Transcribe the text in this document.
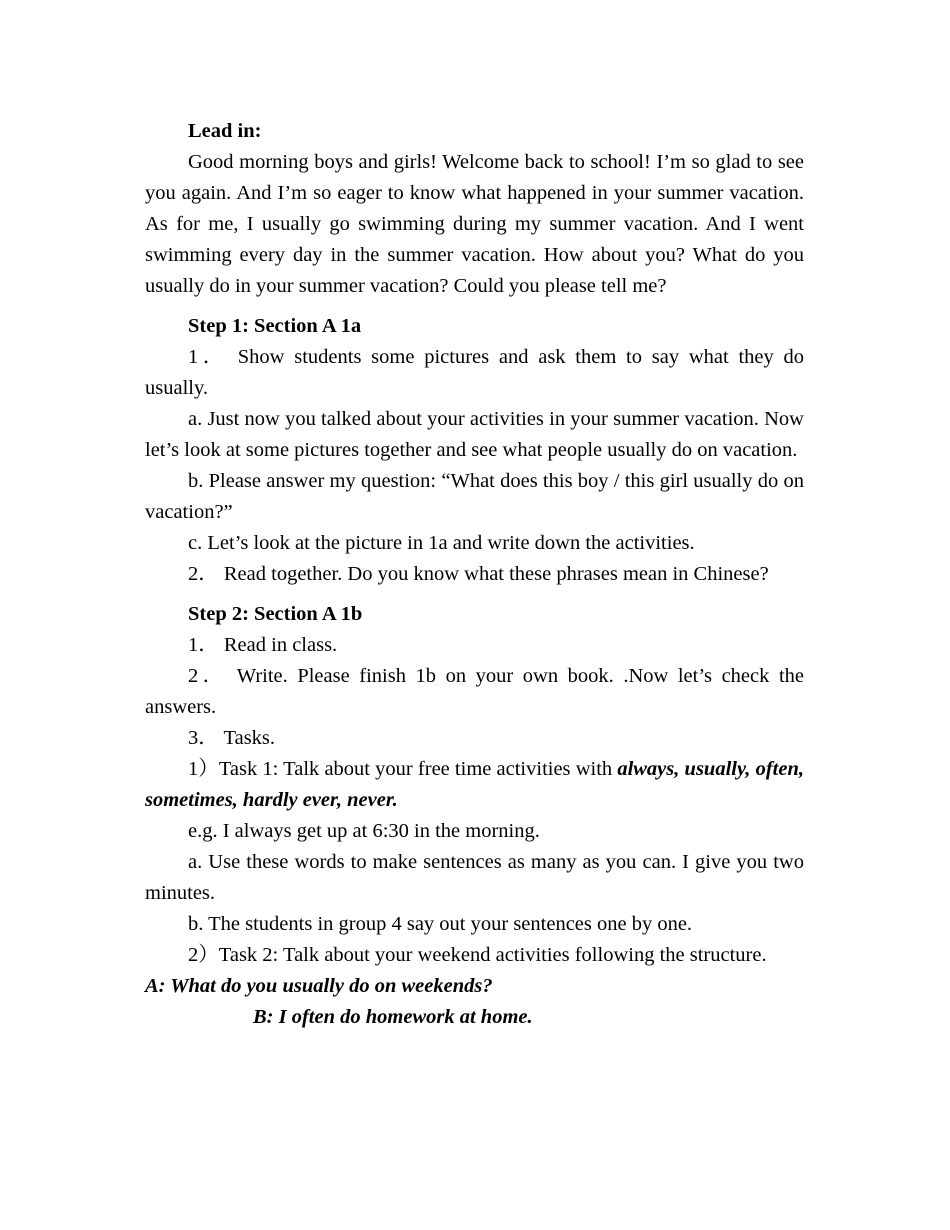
Lead in:

Good morning boys and girls! Welcome back to school! I’m so glad to see you again. And I’m so eager to know what happened in your summer vacation. As for me, I usually go swimming during my summer vacation. And I went swimming every day in the summer vacation. How about you? What do you usually do in your summer vacation? Could you please tell me?

Step 1: Section A 1a

1． Show students some pictures and ask them to say what they do usually.

a. Just now you talked about your activities in your summer vacation. Now let’s look at some pictures together and see what people usually do on vacation.

b. Please answer my question: “What does this boy / this girl usually do on vacation?”

c. Let’s look at the picture in 1a and write down the activities.

2． Read together. Do you know what these phrases mean in Chinese?

Step 2: Section A 1b

1． Read in class.

2． Write. Please finish 1b on your own book. .Now let’s check the answers.

3． Tasks.

1）Task 1: Talk about your free time activities with always, usually, often, sometimes, hardly ever, never.

e.g. I always get up at 6:30 in the morning.

a. Use these words to make sentences as many as you can. I give you two minutes.

b. The students in group 4 say out your sentences one by one.

2）Task 2: Talk about your weekend activities following the structure.

A: What do you usually do on weekends?

B: I often do homework at home.
